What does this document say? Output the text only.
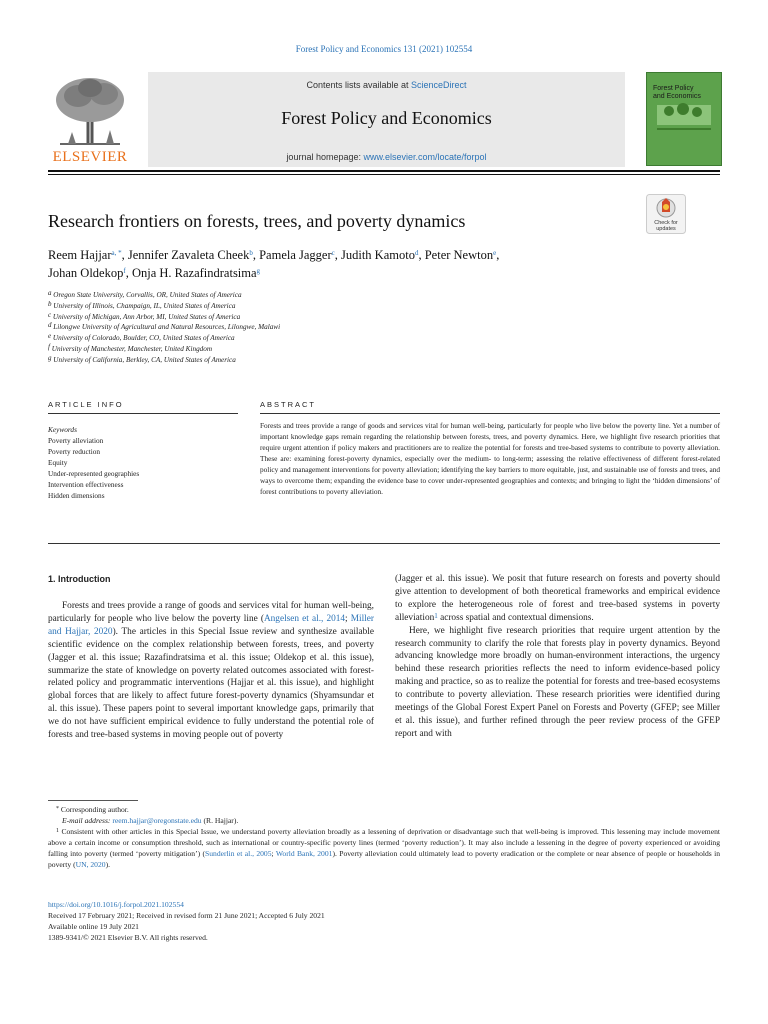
Forest Policy and Economics 131 (2021) 102554
ELSEVIER
Contents lists available at ScienceDirect
Forest Policy and Economics
journal homepage: www.elsevier.com/locate/forpol
Forest Policy
and Economics
Research frontiers on forests, trees, and poverty dynamics	Check for
updates
Reem Hajjar$^{a, *}$, Jennifer Zavaleta Cheek$^b$, Pamela Jagger$^c$, Judith Kamoto$^d$, Peter Newton$^e$,
Johan Oldekop$^f$, Onja H. Razafindratsima$^g$
$^a$ Oregon State University, Corvallis, OR, United States of America
$^b$ University of Illinois, Champaign, IL, United States of America
$^c$ University of Michigan, Ann Arbor, MI, United States of America
$^d$ Lilongwe University of Agricultural and Natural Resources, Lilongwe, Malawi
$^e$ University of Colorado, Boulder, CO, United States of America
$^f$ University of Manchester, Manchester, United Kingdom
$^g$ University of California, Berkley, CA, United States of America
ARTICLE INFO	ABSTRACT
Keywords
Poverty alleviation
Poverty reduction
Equity
Under-represented geographies
Intervention effectiveness
Hidden dimensions
Forests and trees provide a range of goods and services vital for human well-being, particularly for people who live below the poverty line. Yet a number of important knowledge gaps remain regarding the relationship between forests, trees, and poverty dynamics. Here, we highlight five research priorities that require urgent attention if policy makers and practitioners are to realize the potential for forests and tree-based systems to contribute to poverty alleviation. These are: examining forest-poverty dynamics, especially over the medium- to long-term; assessing the relative effectiveness of different forest-related policy and management interventions for poverty alleviation; identifying the key barriers to more equitable, just, and sustainable use of forests and trees, and ways to overcome them; expanding the evidence base to cover under-represented geographies and contexts; and bringing to light the ‘hidden dimensions’ of forest contributions to poverty alleviation.
1. Introduction

Forests and trees provide a range of goods and services vital for human well-being, particularly for people who live below the poverty line (Angelsen et al., 2014; Miller and Hajjar, 2020). The articles in this Special Issue review and synthesize available scientific evidence on the complex relationship between forests, trees, and poverty (Jagger et al. this issue; Razafindratsima et al. this issue; Oldekop et al. this issue), summarize the state of knowledge on poverty related outcomes associated with forest-related policy and programmatic interventions (Hajjar et al. this issue), and highlight global forces that are likely to affect future forest-poverty dynamics (Shyamsundar et al. this issue). These papers point to several important knowledge gaps, primarily that we do not have sufficient empirical evidence to fully understand the potential role of forests and tree-based systems in moving people out of poverty

(Jagger et al. this issue). We posit that future research on forests and poverty should give attention to development of both theoretical frameworks and empirical evidence to explore the heterogeneous role of forest and tree-based systems in poverty alleviation$^1$ across spatial and contextual dimensions.

Here, we highlight five research priorities that require urgent attention by the research community to clarify the role that forests play in poverty dynamics. Beyond advancing knowledge more broadly on human-environment interactions, the urgency behind these research priorities reflects the need to inform evidence-based policy making and practice, so as to realize the potential for forests and tree-based ecosystems to contribute to poverty alleviation. These research priorities were identified during meetings of the Global Forest Expert Panel on Forests and Poverty (GFEP; see Miller et al. this issue), and further refined through the peer review process of the GFEP report and with

* Corresponding author.
E-mail address: reem.hajjar@oregonstate.edu (R. Hajjar).
$^1$ Consistent with other articles in this Special Issue, we understand poverty alleviation broadly as a lessening of deprivation or disadvantage such that well-being is improved. This lessening may include movement above a certain income or consumption threshold, such as international or country-specific poverty lines (termed ‘poverty reduction’). It may also include a lessening in the degree of poverty experienced or avoiding falling into poverty (termed ‘poverty mitigation’) (Sunderlin et al., 2005; World Bank, 2001). Poverty alleviation could ultimately lead to poverty eradication or the complete or near absence of people or households in poverty (UN, 2020).
https://doi.org/10.1016/j.forpol.2021.102554
Received 17 February 2021; Received in revised form 21 June 2021; Accepted 6 July 2021
Available online 19 July 2021
1389-9341/© 2021 Elsevier B.V. All rights reserved.
